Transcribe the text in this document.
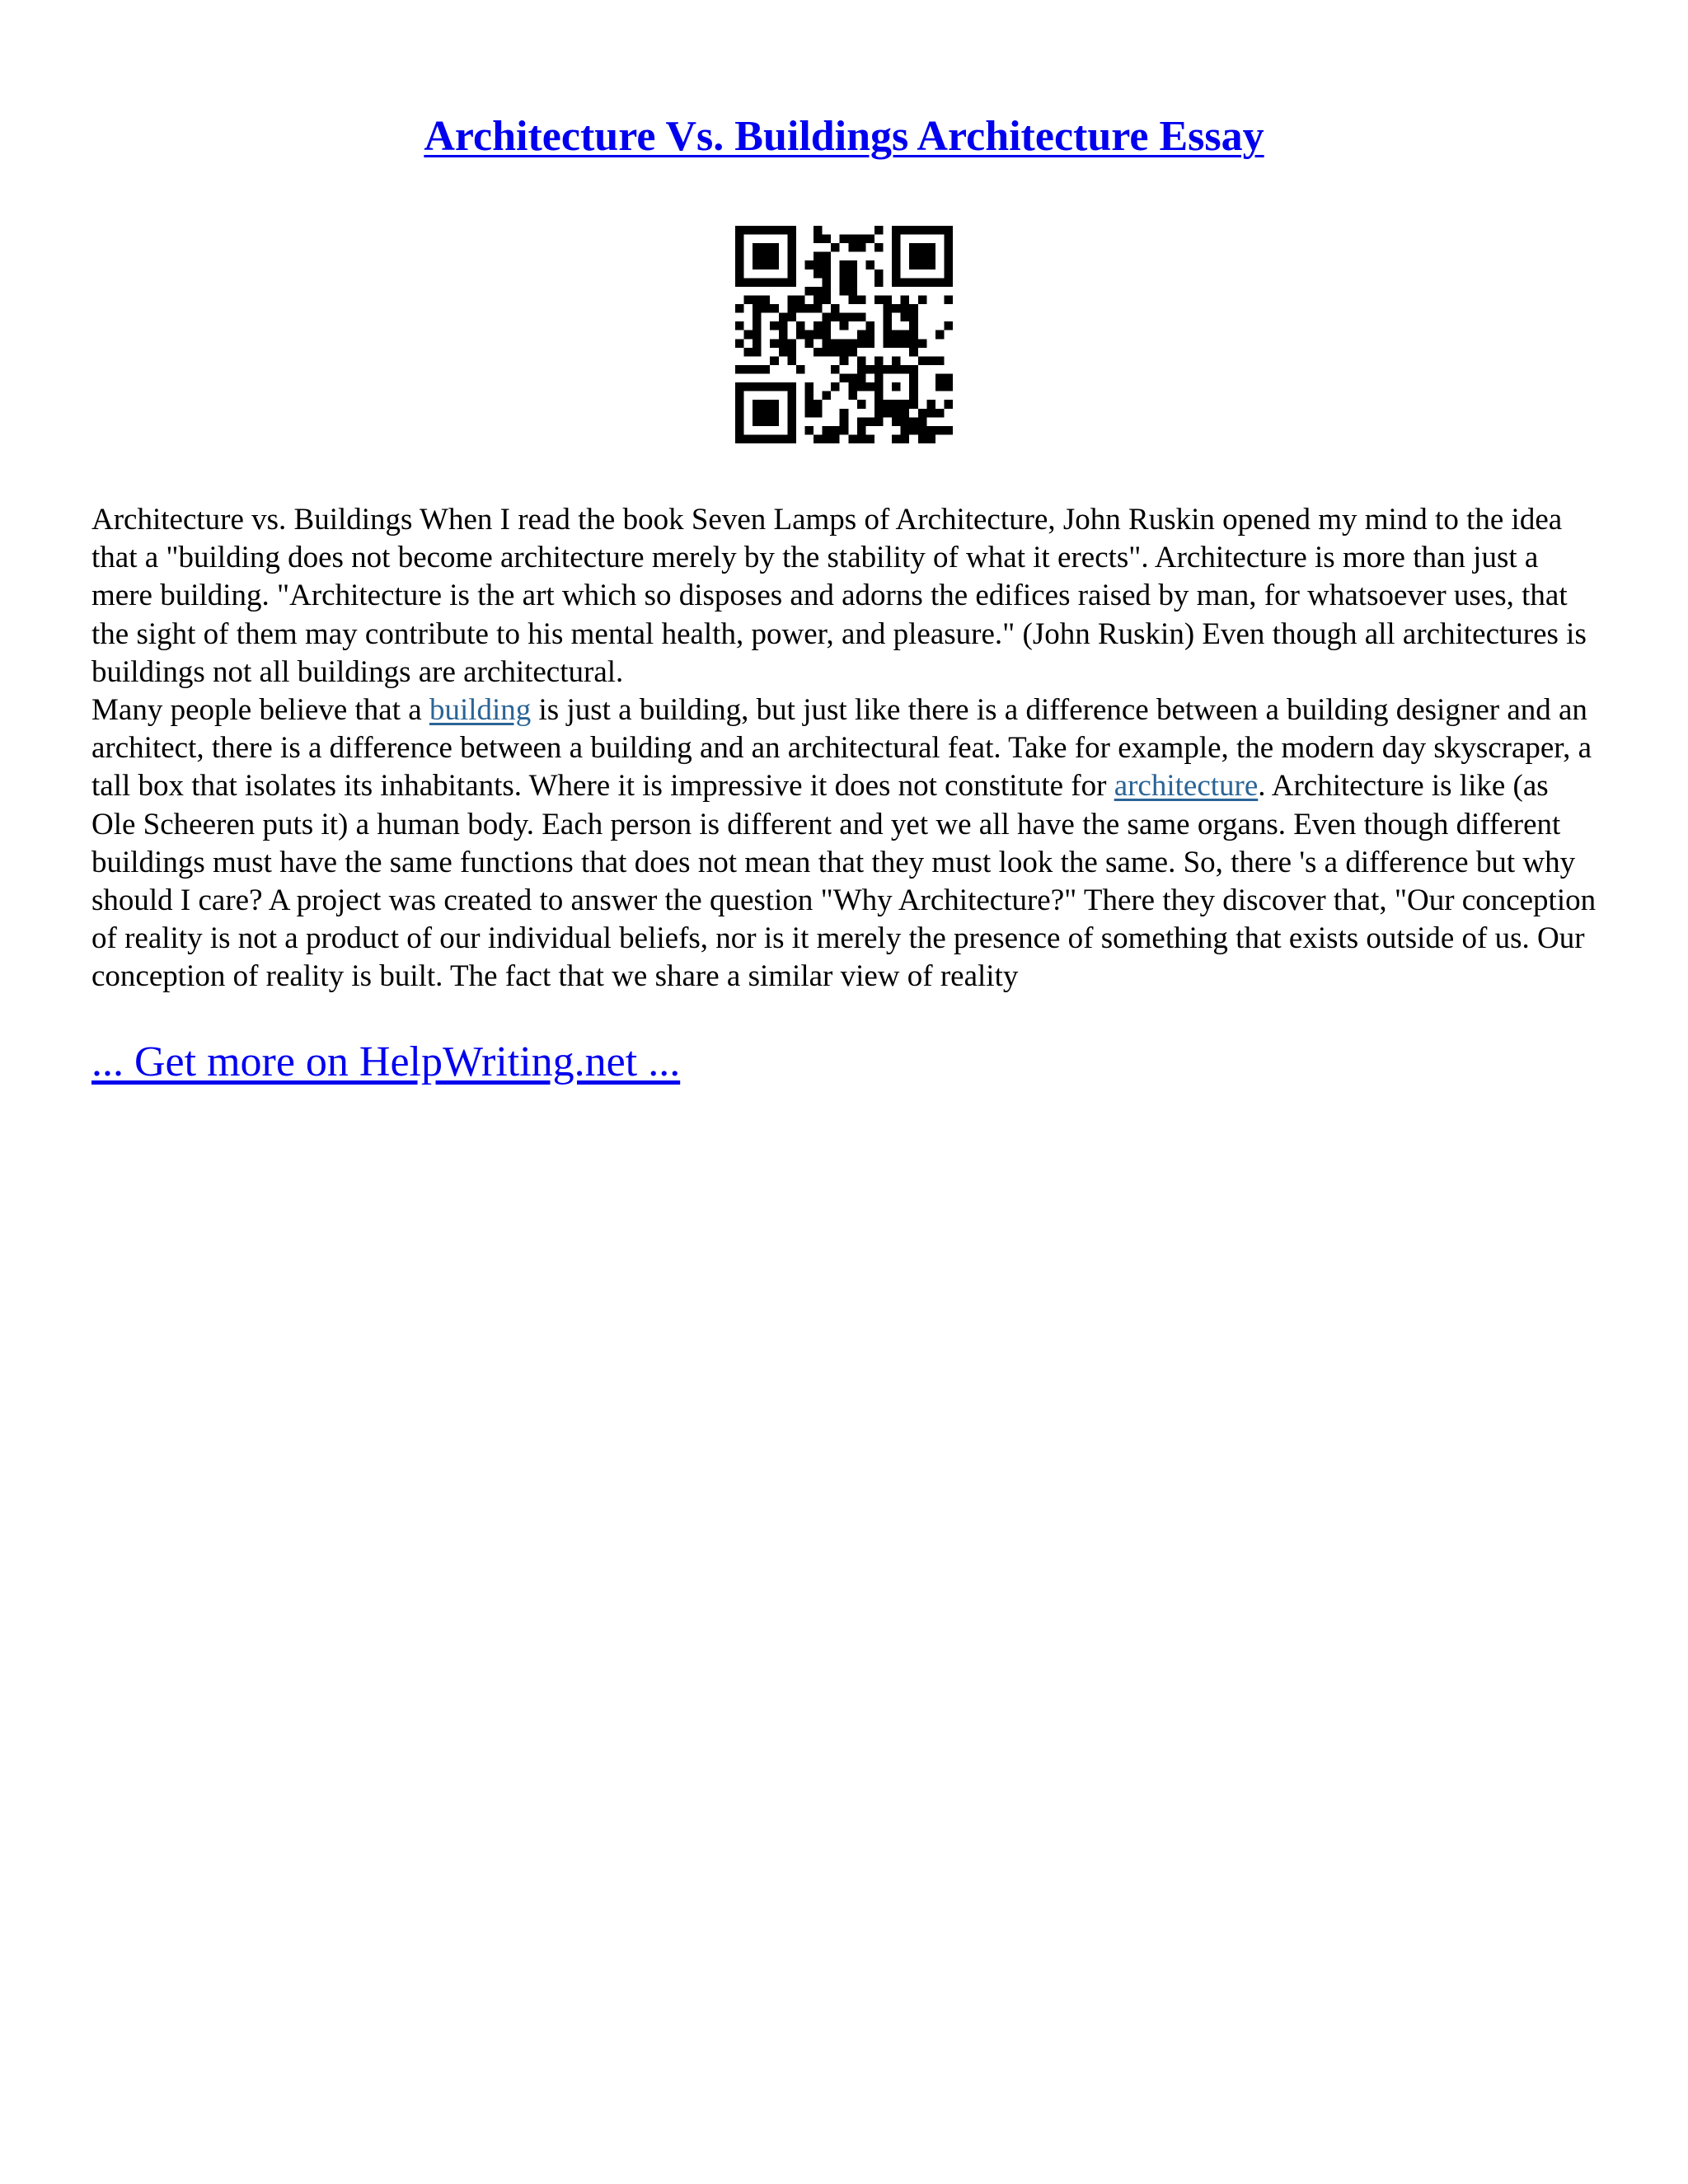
Architecture Vs. Buildings Architecture Essay

Architecture vs. Buildings When I read the book Seven Lamps of Architecture, John Ruskin opened my mind to the idea that a "building does not become architecture merely by the stability of what it erects". Architecture is more than just a mere building. "Architecture is the art which so disposes and adorns the edifices raised by man, for whatsoever uses, that the sight of them may contribute to his mental health, power, and pleasure." (John Ruskin) Even though all architectures is buildings not all buildings are architectural.

Many people believe that a building is just a building, but just like there is a difference between a building designer and an architect, there is a difference between a building and an architectural feat. Take for example, the modern day skyscraper, a tall box that isolates its inhabitants. Where it is impressive it does not constitute for architecture. Architecture is like (as Ole Scheeren puts it) a human body. Each person is different and yet we all have the same organs. Even though different buildings must have the same functions that does not mean that they must look the same. So, there 's a difference but why should I care? A project was created to answer the question "Why Architecture?" There they discover that, "Our conception of reality is not a product of our individual beliefs, nor is it merely the presence of something that exists outside of us. Our conception of reality is built. The fact that we share a similar view of reality

... Get more on HelpWriting.net ...
